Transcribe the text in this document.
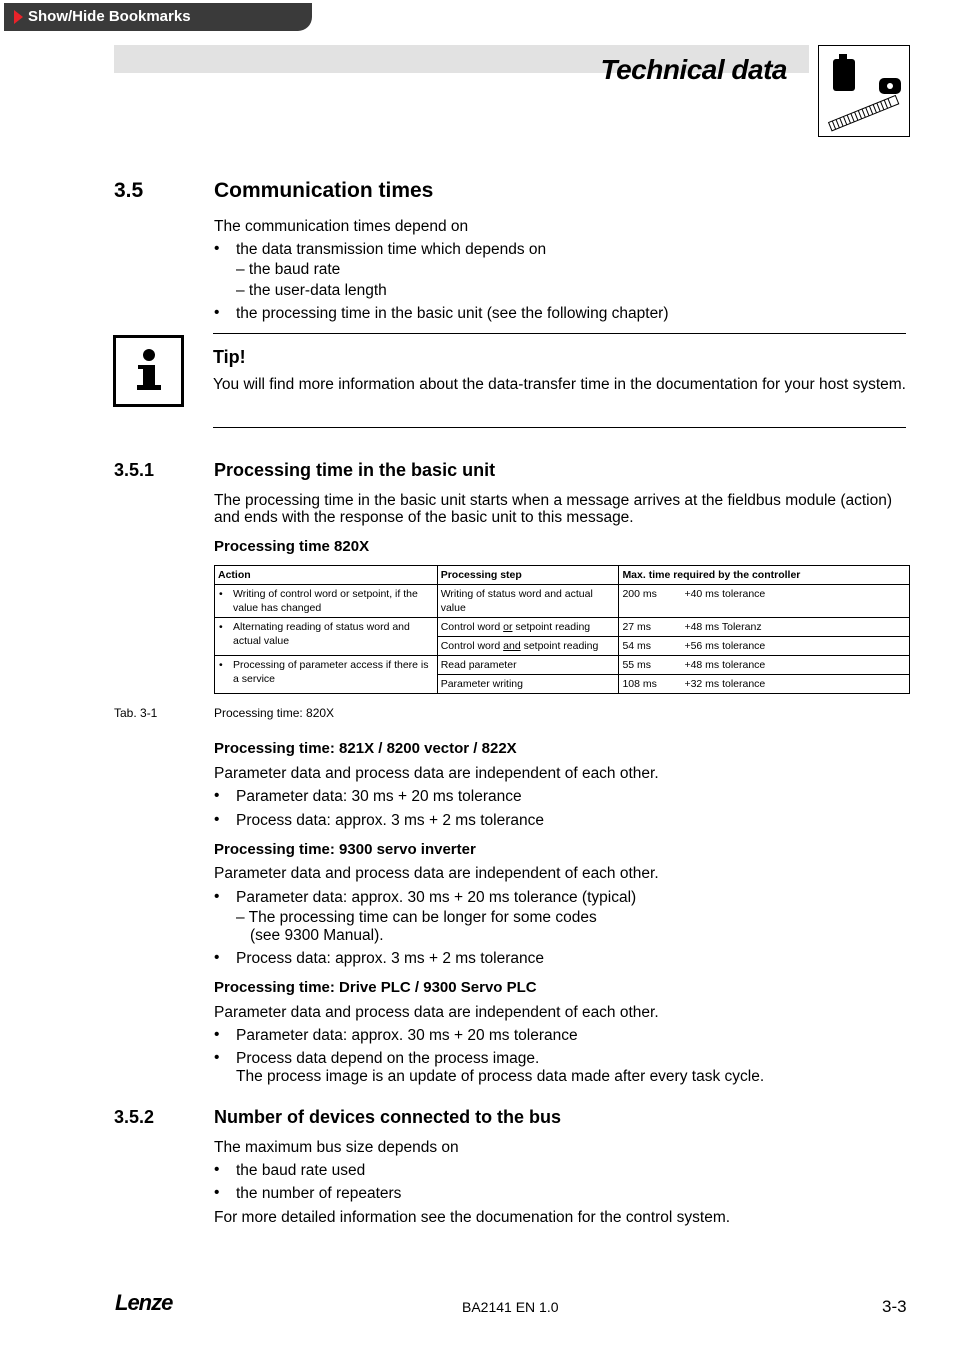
Show/Hide Bookmarks
Technical data
3.5	Communication times
The communication times depend on
• the data transmission time which depends on
– the baud rate
– the user-data length
• the processing time in the basic unit (see the following chapter)
Tip!
You will find more information about the data-transfer time in the documentation for your host system.
3.5.1	Processing time in the basic unit
The processing time in the basic unit starts when a message arrives at the fieldbus module (action) and ends with the response of the basic unit to this message.
Processing time 820X
Action	Processing step	Max. time required by the controller

• Writing of control word or setpoint, if the value has changed	Writing of status word and actual value	200 ms +40 ms tolerance

• Alternating reading of status word and actual value	Control word or setpoint reading	27 ms +48 ms Toleranz
	Control word and setpoint reading	54 ms +56 ms tolerance

• Processing of parameter access if there is a service	Read parameter	55 ms +48 ms tolerance
	Parameter writing	108 ms +32 ms tolerance
Tab. 3-1	Processing time: 820X
Processing time: 821X / 8200 vector / 822X
Parameter data and process data are independent of each other.
• Parameter data: 30 ms + 20 ms tolerance
• Process data: approx. 3 ms + 2 ms tolerance
Processing time: 9300 servo inverter
Parameter data and process data are independent of each other.
• Parameter data: approx. 30 ms + 20 ms tolerance (typical)
– The processing time can be longer for some codes
(see 9300 Manual).
• Process data: approx. 3 ms + 2 ms tolerance
Processing time: Drive PLC / 9300 Servo PLC
Parameter data and process data are independent of each other.
• Parameter data: approx. 30 ms + 20 ms tolerance
• Process data depend on the process image.
The process image is an update of process data made after every task cycle.
3.5.2	Number of devices connected to the bus
The maximum bus size depends on
• the baud rate used
• the number of repeaters
For more detailed information see the documenation for the control system.
Lenze	BA2141 EN 1.0	3-3
